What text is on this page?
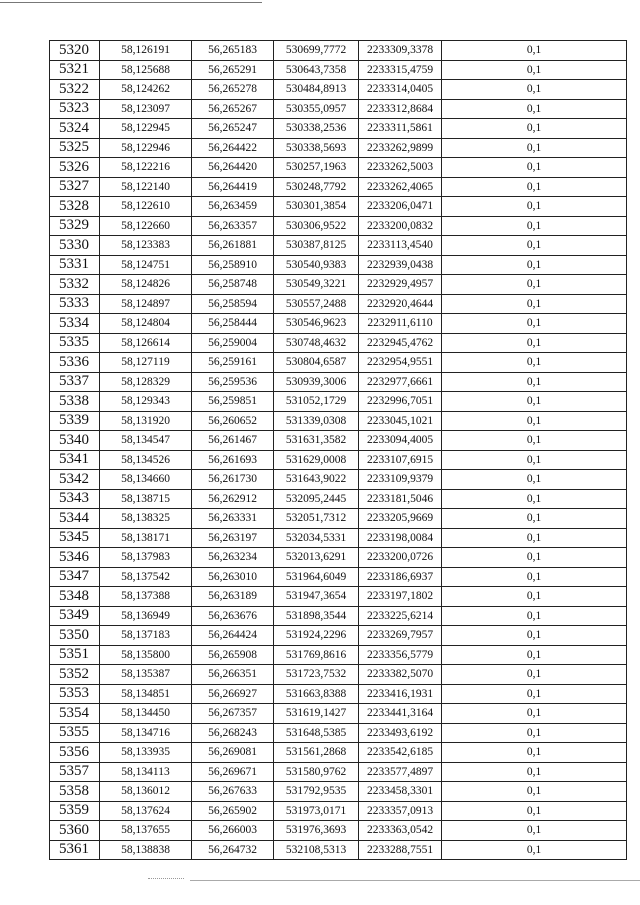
5320	58,126191	56,265183	530699,7772	2233309,3378	0,1
5321	58,125688	56,265291	530643,7358	2233315,4759	0,1
5322	58,124262	56,265278	530484,8913	2233314,0405	0,1
5323	58,123097	56,265267	530355,0957	2233312,8684	0,1
5324	58,122945	56,265247	530338,2536	2233311,5861	0,1
5325	58,122946	56,264422	530338,5693	2233262,9899	0,1
5326	58,122216	56,264420	530257,1963	2233262,5003	0,1
5327	58,122140	56,264419	530248,7792	2233262,4065	0,1
5328	58,122610	56,263459	530301,3854	2233206,0471	0,1
5329	58,122660	56,263357	530306,9522	2233200,0832	0,1
5330	58,123383	56,261881	530387,8125	2233113,4540	0,1
5331	58,124751	56,258910	530540,9383	2232939,0438	0,1
5332	58,124826	56,258748	530549,3221	2232929,4957	0,1
5333	58,124897	56,258594	530557,2488	2232920,4644	0,1
5334	58,124804	56,258444	530546,9623	2232911,6110	0,1
5335	58,126614	56,259004	530748,4632	2232945,4762	0,1
5336	58,127119	56,259161	530804,6587	2232954,9551	0,1
5337	58,128329	56,259536	530939,3006	2232977,6661	0,1
5338	58,129343	56,259851	531052,1729	2232996,7051	0,1
5339	58,131920	56,260652	531339,0308	2233045,1021	0,1
5340	58,134547	56,261467	531631,3582	2233094,4005	0,1
5341	58,134526	56,261693	531629,0008	2233107,6915	0,1
5342	58,134660	56,261730	531643,9022	2233109,9379	0,1
5343	58,138715	56,262912	532095,2445	2233181,5046	0,1
5344	58,138325	56,263331	532051,7312	2233205,9669	0,1
5345	58,138171	56,263197	532034,5331	2233198,0084	0,1
5346	58,137983	56,263234	532013,6291	2233200,0726	0,1
5347	58,137542	56,263010	531964,6049	2233186,6937	0,1
5348	58,137388	56,263189	531947,3654	2233197,1802	0,1
5349	58,136949	56,263676	531898,3544	2233225,6214	0,1
5350	58,137183	56,264424	531924,2296	2233269,7957	0,1
5351	58,135800	56,265908	531769,8616	2233356,5779	0,1
5352	58,135387	56,266351	531723,7532	2233382,5070	0,1
5353	58,134851	56,266927	531663,8388	2233416,1931	0,1
5354	58,134450	56,267357	531619,1427	2233441,3164	0,1
5355	58,134716	56,268243	531648,5385	2233493,6192	0,1
5356	58,133935	56,269081	531561,2868	2233542,6185	0,1
5357	58,134113	56,269671	531580,9762	2233577,4897	0,1
5358	58,136012	56,267633	531792,9535	2233458,3301	0,1
5359	58,137624	56,265902	531973,0171	2233357,0913	0,1
5360	58,137655	56,266003	531976,3693	2233363,0542	0,1
5361	58,138838	56,264732	532108,5313	2233288,7551	0,1
